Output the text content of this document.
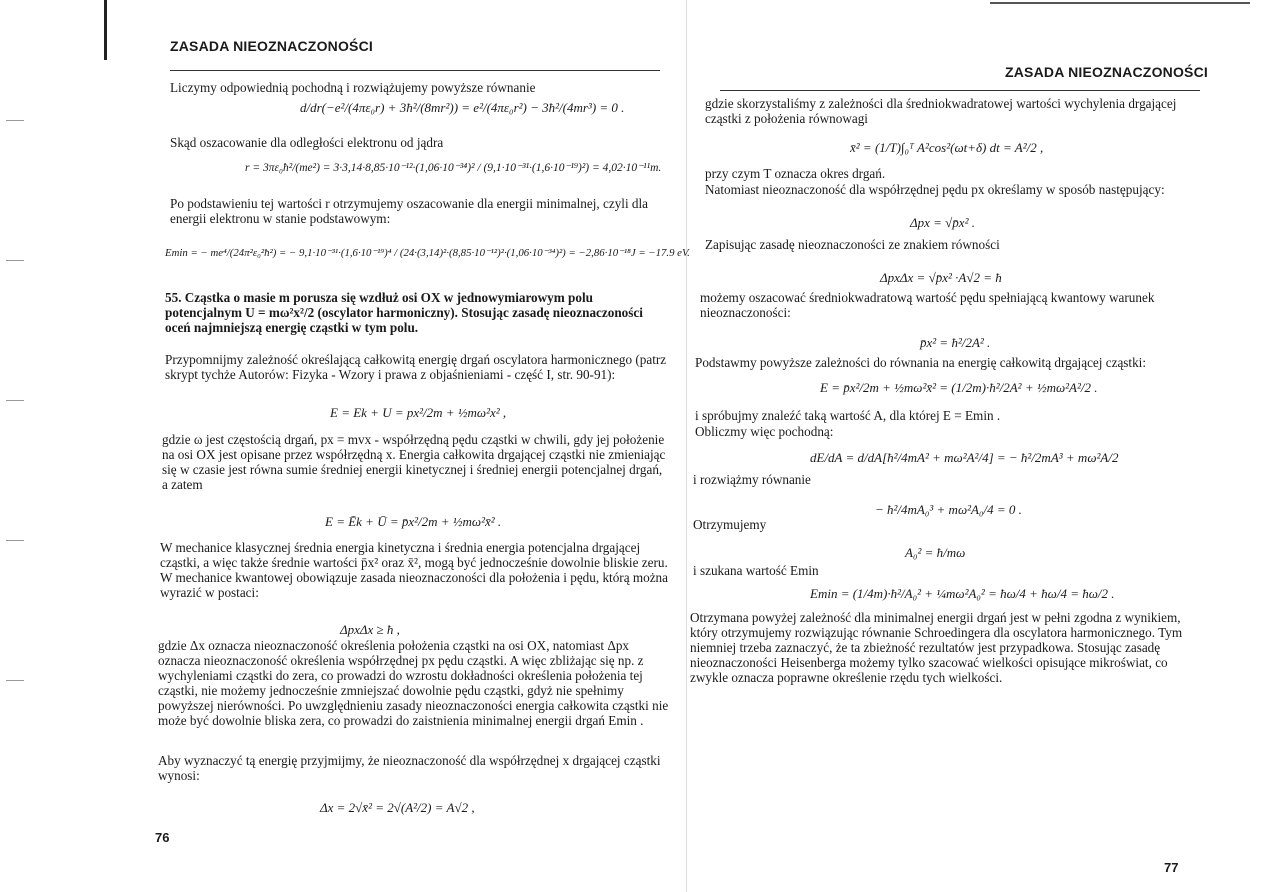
ZASADA NIEOZNACZONOŚCI
Liczymy odpowiednią pochodną i rozwiążujemy powyższe równanie
d/dr(−e²/(4πε₀r) + 3ħ²/(8mr²)) = e²/(4πε₀r²) − 3ħ²/(4mr³) = 0 .
Skąd oszacowanie dla odległości elektronu od jądra
r = 3πε₀ħ²/(me²) = 3·3,14·8,85·10⁻¹²·(1,06·10⁻³⁴)² / (9,1·10⁻³¹·(1,6·10⁻¹⁹)²) = 4,02·10⁻¹¹m.
Po podstawieniu tej wartości r otrzymujemy oszacowanie dla energii minimalnej, czyli dla energii elektronu w stanie podstawowym:
Emin = − me⁴/(24π²ε₀²ħ²) = − 9,1·10⁻³¹·(1,6·10⁻¹⁹)⁴ / (24·(3,14)²·(8,85·10⁻¹²)²·(1,06·10⁻³⁴)²) = −2,86·10⁻¹⁸J = −17.9 eV.
55. Cząstka o masie m porusza się wzdłuż osi OX w jednowymiarowym polu potencjalnym U = mω²x²/2 (oscylator harmoniczny). Stosując zasadę nieoznaczoności oceń najmniejszą energię cząstki w tym polu.
Przypomnijmy zależność określającą całkowitą energię drgań oscylatora harmonicznego (patrz skrypt tychże Autorów: Fizyka - Wzory i prawa z objaśnieniami - część I, str. 90-91):
E = Ek + U = px²/2m + ½mω²x² ,
gdzie ω jest częstością drgań, px = mvx - współrzędną pędu cząstki w chwili, gdy jej położenie na osi OX jest opisane przez współrzędną x. Energia całkowita drgającej cząstki nie zmieniając się w czasie jest równa sumie średniej energii kinetycznej i średniej energii potencjalnej drgań, a zatem
E = Ēk + Ū = p̄x²/2m + ½mω²x̄² .
W mechanice klasycznej średnia energia kinetyczna i średnia energia potencjalna drgającej cząstki, a więc także średnie wartości p̄x² oraz x̄², mogą być jednocześnie dowolnie bliskie zeru. W mechanice kwantowej obowiązuje zasada nieoznaczoności dla położenia i pędu, którą można wyrazić w postaci:
ΔpxΔx ≥ ħ ,
gdzie Δx oznacza nieoznaczoność określenia położenia cząstki na osi OX, natomiast Δpx oznacza nieoznaczoność określenia współrzędnej px pędu cząstki. A więc zbliżając się np. z wychyleniami cząstki do zera, co prowadzi do wzrostu dokładności określenia położenia tej cząstki, nie możemy jednocześnie zmniejszać dowolnie pędu cząstki, gdyż nie spełnimy powyższej nierówności. Po uwzględnieniu zasady nieoznaczoności energia całkowita cząstki nie może być dowolnie bliska zera, co prowadzi do zaistnienia minimalnej energii drgań Emin .
Aby wyznaczyć tą energię przyjmijmy, że nieoznaczoność dla współrzędnej x drgającej cząstki wynosi:
Δx = 2√x̄² = 2√(A²/2) = A√2 ,
76
ZASADA NIEOZNACZONOŚCI
gdzie skorzystaliśmy z zależności dla średniokwadratowej wartości wychylenia drgającej cząstki z położenia równowagi
x̄² = (1/T)∫₀ᵀ A²cos²(ωt+δ) dt = A²/2 ,
przy czym T oznacza okres drgań.
Natomiast nieoznaczoność dla współrzędnej pędu px określamy w sposób następujący:
Δpx = √p̄x² .
Zapisując zasadę nieoznaczoności ze znakiem równości
ΔpxΔx = √p̄x² ·A√2 = ħ
możemy oszacować średniokwadratową wartość pędu spełniającą kwantowy warunek nieoznaczoności:
p̄x² = ħ²/2A² .
Podstawmy powyższe zależności do równania na energię całkowitą drgającej cząstki:
E = p̄x²/2m + ½mω²x̄² = (1/2m)·ħ²/2A² + ½mω²A²/2 .
i spróbujmy znaleźć taką wartość A, dla której E = Emin .
Obliczmy więc pochodną:
dE/dA = d/dA[ħ²/4mA² + mω²A²/4] = − ħ²/2mA³ + mω²A/2
i rozwiążmy równanie
− ħ²/4mA₀³ + mω²A₀/4 = 0 .
Otrzymujemy
A₀² = ħ/mω
i szukana wartość Emin
Emin = (1/4m)·ħ²/A₀² + ¼mω²A₀² = ħω/4 + ħω/4 = ħω/2 .
Otrzymana powyżej zależność dla minimalnej energii drgań jest w pełni zgodna z wynikiem, który otrzymujemy rozwiązując równanie Schroedingera dla oscylatora harmonicznego. Tym niemniej trzeba zaznaczyć, że ta zbieżność rezultatów jest przypadkowa. Stosując zasadę nieoznaczoności Heisenberga możemy tylko szacować wielkości opisujące mikroświat, co zwykle oznacza poprawne określenie rzędu tych wielkości.
77
